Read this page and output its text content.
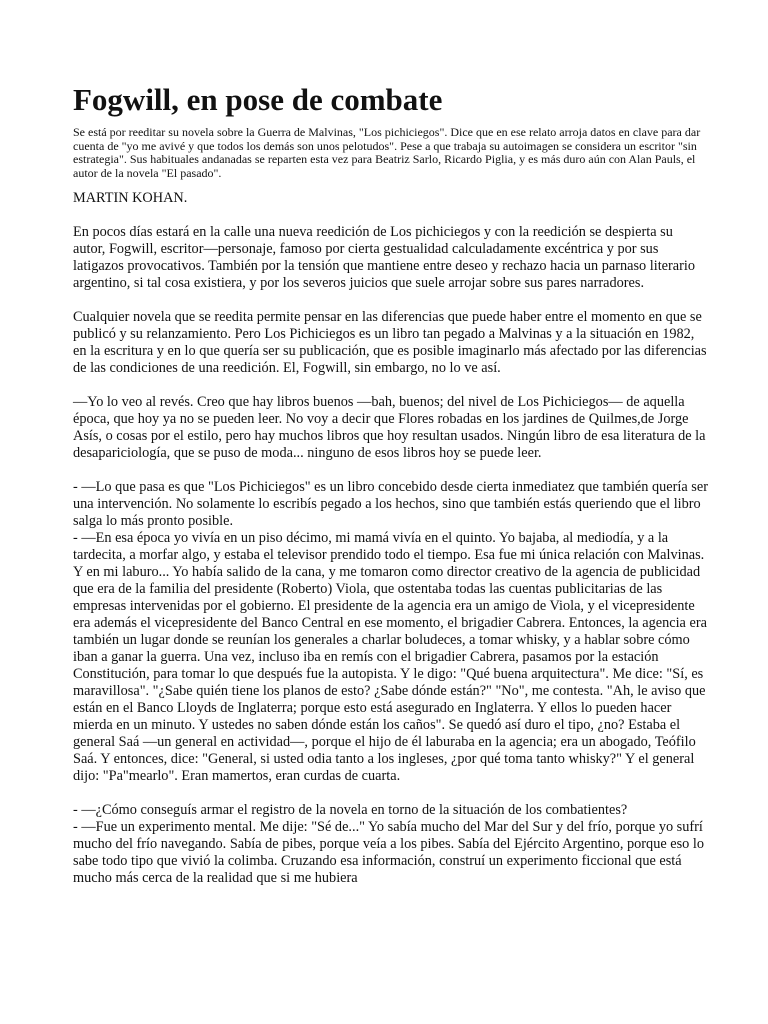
Fogwill, en pose de combate

Se está por reeditar su novela sobre la Guerra de Malvinas, "Los pichiciegos". Dice que en ese relato arroja datos en clave para dar cuenta de "yo me avivé y que todos los demás son unos pelotudos". Pese a que trabaja su autoimagen se considera un escritor "sin estrategia". Sus habituales andanadas se reparten esta vez para Beatriz Sarlo, Ricardo Piglia, y es más duro aún con Alan Pauls, el autor de la novela "El pasado".

MARTIN KOHAN.

En pocos días estará en la calle una nueva reedición de Los pichiciegos y con la reedición se despierta su autor, Fogwill, escritor—personaje, famoso por cierta gestualidad calculadamente excéntrica y por sus latigazos provocativos. También por la tensión que mantiene entre deseo y rechazo hacia un parnaso literario argentino, si tal cosa existiera, y por los severos juicios que suele arrojar sobre sus pares narradores.

Cualquier novela que se reedita permite pensar en las diferencias que puede haber entre el momento en que se publicó y su relanzamiento. Pero Los Pichiciegos es un libro tan pegado a Malvinas y a la situación en 1982, en la escritura y en lo que quería ser su publicación, que es posible imaginarlo más afectado por las diferencias de las condiciones de una reedición. El, Fogwill, sin embargo, no lo ve así.

—Yo lo veo al revés. Creo que hay libros buenos —bah, buenos; del nivel de Los Pichiciegos— de aquella época, que hoy ya no se pueden leer. No voy a decir que Flores robadas en los jardines de Quilmes,de Jorge Asís, o cosas por el estilo, pero hay muchos libros que hoy resultan usados. Ningún libro de esa literatura de la desapariciología, que se puso de moda... ninguno de esos libros hoy se puede leer.

- —Lo que pasa es que "Los Pichiciegos" es un libro concebido desde cierta inmediatez que también quería ser una intervención. No solamente lo escribís pegado a los hechos, sino que también estás queriendo que el libro salga lo más pronto posible.

- —En esa época yo vivía en un piso décimo, mi mamá vivía en el quinto. Yo bajaba, al mediodía, y a la tardecita, a morfar algo, y estaba el televisor prendido todo el tiempo. Esa fue mi única relación con Malvinas. Y en mi laburo... Yo había salido de la cana, y me tomaron como director creativo de la agencia de publicidad que era de la familia del presidente (Roberto) Viola, que ostentaba todas las cuentas publicitarias de las empresas intervenidas por el gobierno. El presidente de la agencia era un amigo de Viola, y el vicepresidente era además el vicepresidente del Banco Central en ese momento, el brigadier Cabrera. Entonces, la agencia era también un lugar donde se reunían los generales a charlar boludeces, a tomar whisky, y a hablar sobre cómo iban a ganar la guerra. Una vez, incluso iba en remís con el brigadier Cabrera, pasamos por la estación Constitución, para tomar lo que después fue la autopista. Y le digo: "Qué buena arquitectura". Me dice: "Sí, es maravillosa". "¿Sabe quién tiene los planos de esto? ¿Sabe dónde están?" "No", me contesta. "Ah, le aviso que están en el Banco Lloyds de Inglaterra; porque esto está asegurado en Inglaterra. Y ellos lo pueden hacer mierda en un minuto. Y ustedes no saben dónde están los caños". Se quedó así duro el tipo, ¿no? Estaba el general Saá —un general en actividad—, porque el hijo de él laburaba en la agencia; era un abogado, Teófilo Saá. Y entonces, dice: "General, si usted odia tanto a los ingleses, ¿por qué toma tanto whisky?" Y el general dijo: "Pa"mearlo". Eran mamertos, eran curdas de cuarta.

- —¿Cómo conseguís armar el registro de la novela en torno de la situación de los combatientes?

- —Fue un experimento mental. Me dije: "Sé de..." Yo sabía mucho del Mar del Sur y del frío, porque yo sufrí mucho del frío navegando. Sabía de pibes, porque veía a los pibes. Sabía del Ejército Argentino, porque eso lo sabe todo tipo que vivió la colimba. Cruzando esa información, construí un experimento ficcional que está mucho más cerca de la realidad que si me hubiera
